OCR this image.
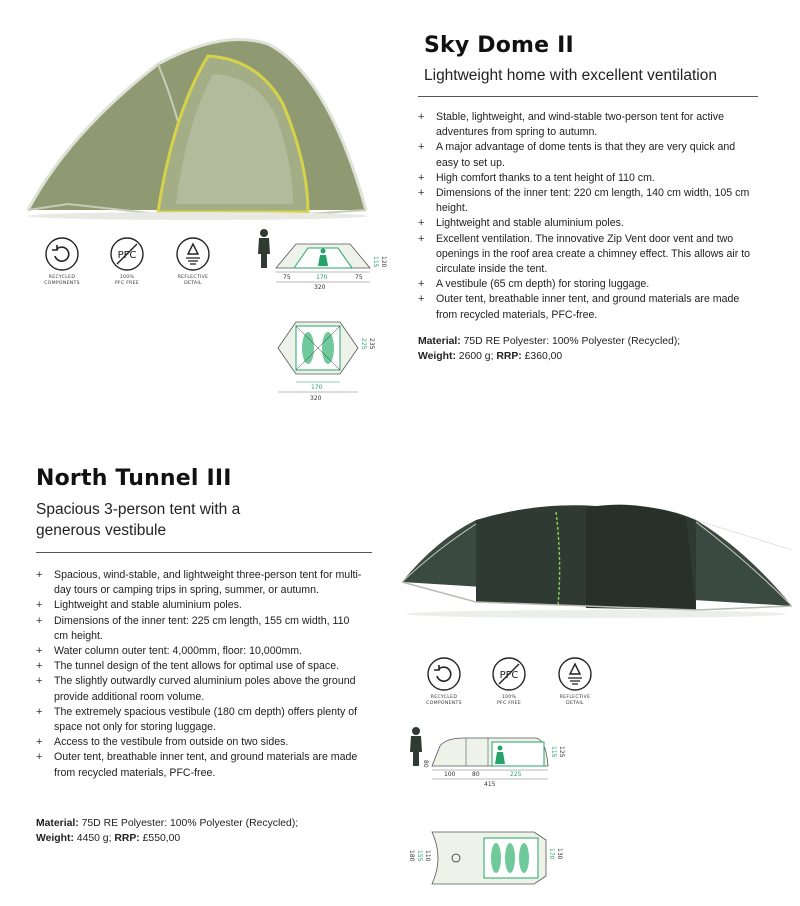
RECYCLED
COMPONENTS
PFC
100%
PFC FREE
REFLECTIVE
DETAIL
75	170	75
320
115 120
170
320
225 235
Sky Dome II
Lightweight home with excellent ventilation
+ Stable, lightweight, and wind-stable two-person tent for active adventures from spring to autumn.
+ A major advantage of dome tents is that they are very quick and easy to set up.
+ High comfort thanks to a tent height of 110 cm.
+ Dimensions of the inner tent: 220 cm length, 140 cm width, 105 cm height.
+ Lightweight and stable aluminium poles.
+ Excellent ventilation. The innovative Zip Vent door vent and two openings in the roof area create a chimney effect. This allows air to circulate inside the tent.
+ A vestibule (65 cm depth) for storing luggage.
+ Outer tent, breathable inner tent, and ground materials are made from recycled materials, PFC-free.
Material: 75D RE Polyester: 100% Polyester (Recycled);
Weight: 2600 g; RRP: £360,00
North Tunnel III
Spacious 3-person tent with a
generous vestibule
+ Spacious, wind-stable, and lightweight three-person tent for multi-day tours or camping trips in spring, summer, or autumn.
+ Lightweight and stable aluminium poles.
+ Dimensions of the inner tent: 225 cm length, 155 cm width, 110 cm height.
+ Water column outer tent: 4,000mm, floor: 10,000mm.
+ The tunnel design of the tent allows for optimal use of space.
+ The slightly outwardly curved aluminium poles above the ground provide additional room volume.
+ The extremely spacious vestibule (180 cm depth) offers plenty of space not only for storing luggage.
+ Access to the vestibule from outside on two sides.
+ Outer tent, breathable inner tent, and ground materials are made from recycled materials, PFC-free.
Material: 75D RE Polyester: 100% Polyester (Recycled);
Weight: 4450 g; RRP: £550,00
RECYCLED
COMPONENTS
PFC
100%
PFC FREE
REFLECTIVE
DETAIL
80
100	80	225
415
115 125
180 155 110	170 130
